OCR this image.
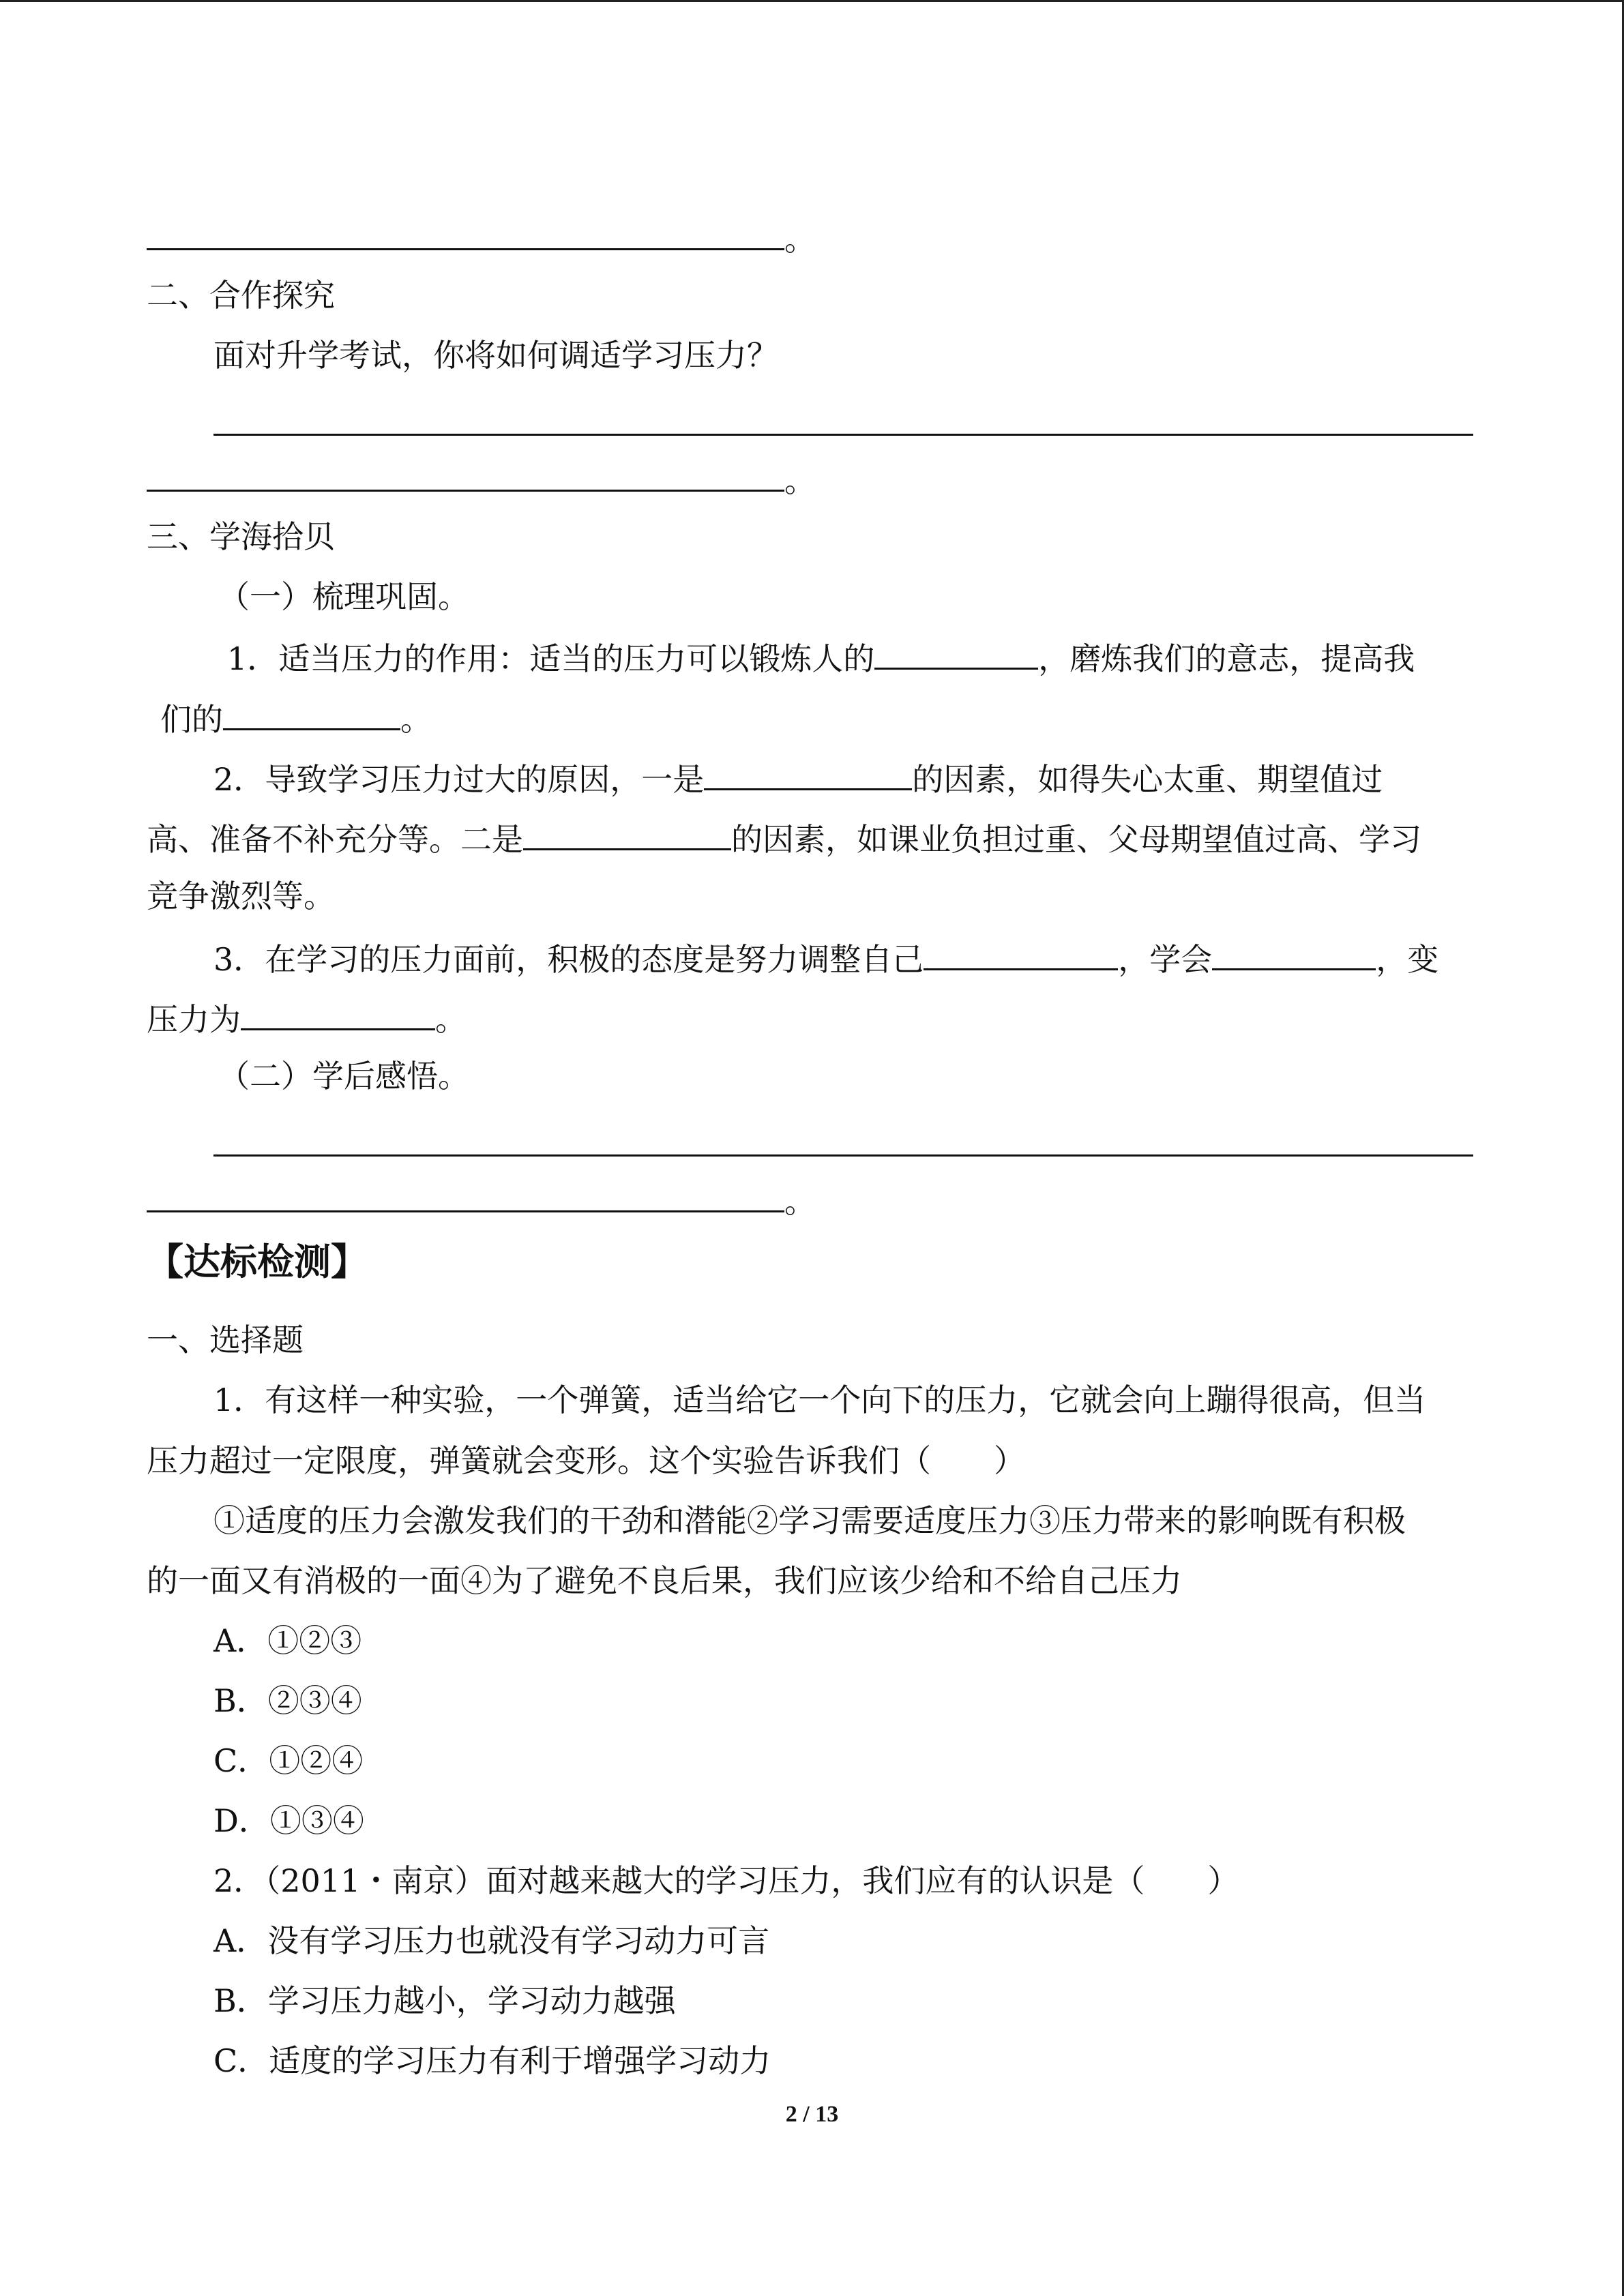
。
二、合作探究
面对升学考试，你将如何调适学习压力？
。
三、学海拾贝
（一）梳理巩固。
1．适当压力的作用：适当的压力可以锻炼人的	，磨炼我们的意志，提高我
们的	。
2．导致学习压力过大的原因，一是	的因素，如得失心太重、期望值过
高、准备不补充分等。二是	的因素，如课业负担过重、父母期望值过高、学习
竞争激烈等。
3．在学习的压力面前，积极的态度是努力调整自己	，学会	，变
压力为	。
（二）学后感悟。
。
【达标检测】
一、选择题
1．有这样一种实验，一个弹簧，适当给它一个向下的压力，它就会向上蹦得很高，但当
压力超过一定限度，弹簧就会变形。这个实验告诉我们（　　）
①适度的压力会激发我们的干劲和潜能②学习需要适度压力③压力带来的影响既有积极
的一面又有消极的一面④为了避免不良后果，我们应该少给和不给自己压力
A．①②③
B．②③④
C．①②④
D．①③④
2．（2011・南京）面对越来越大的学习压力，我们应有的认识是（　　）
A．没有学习压力也就没有学习动力可言
B．学习压力越小，学习动力越强
C．适度的学习压力有利于增强学习动力
2 / 13
